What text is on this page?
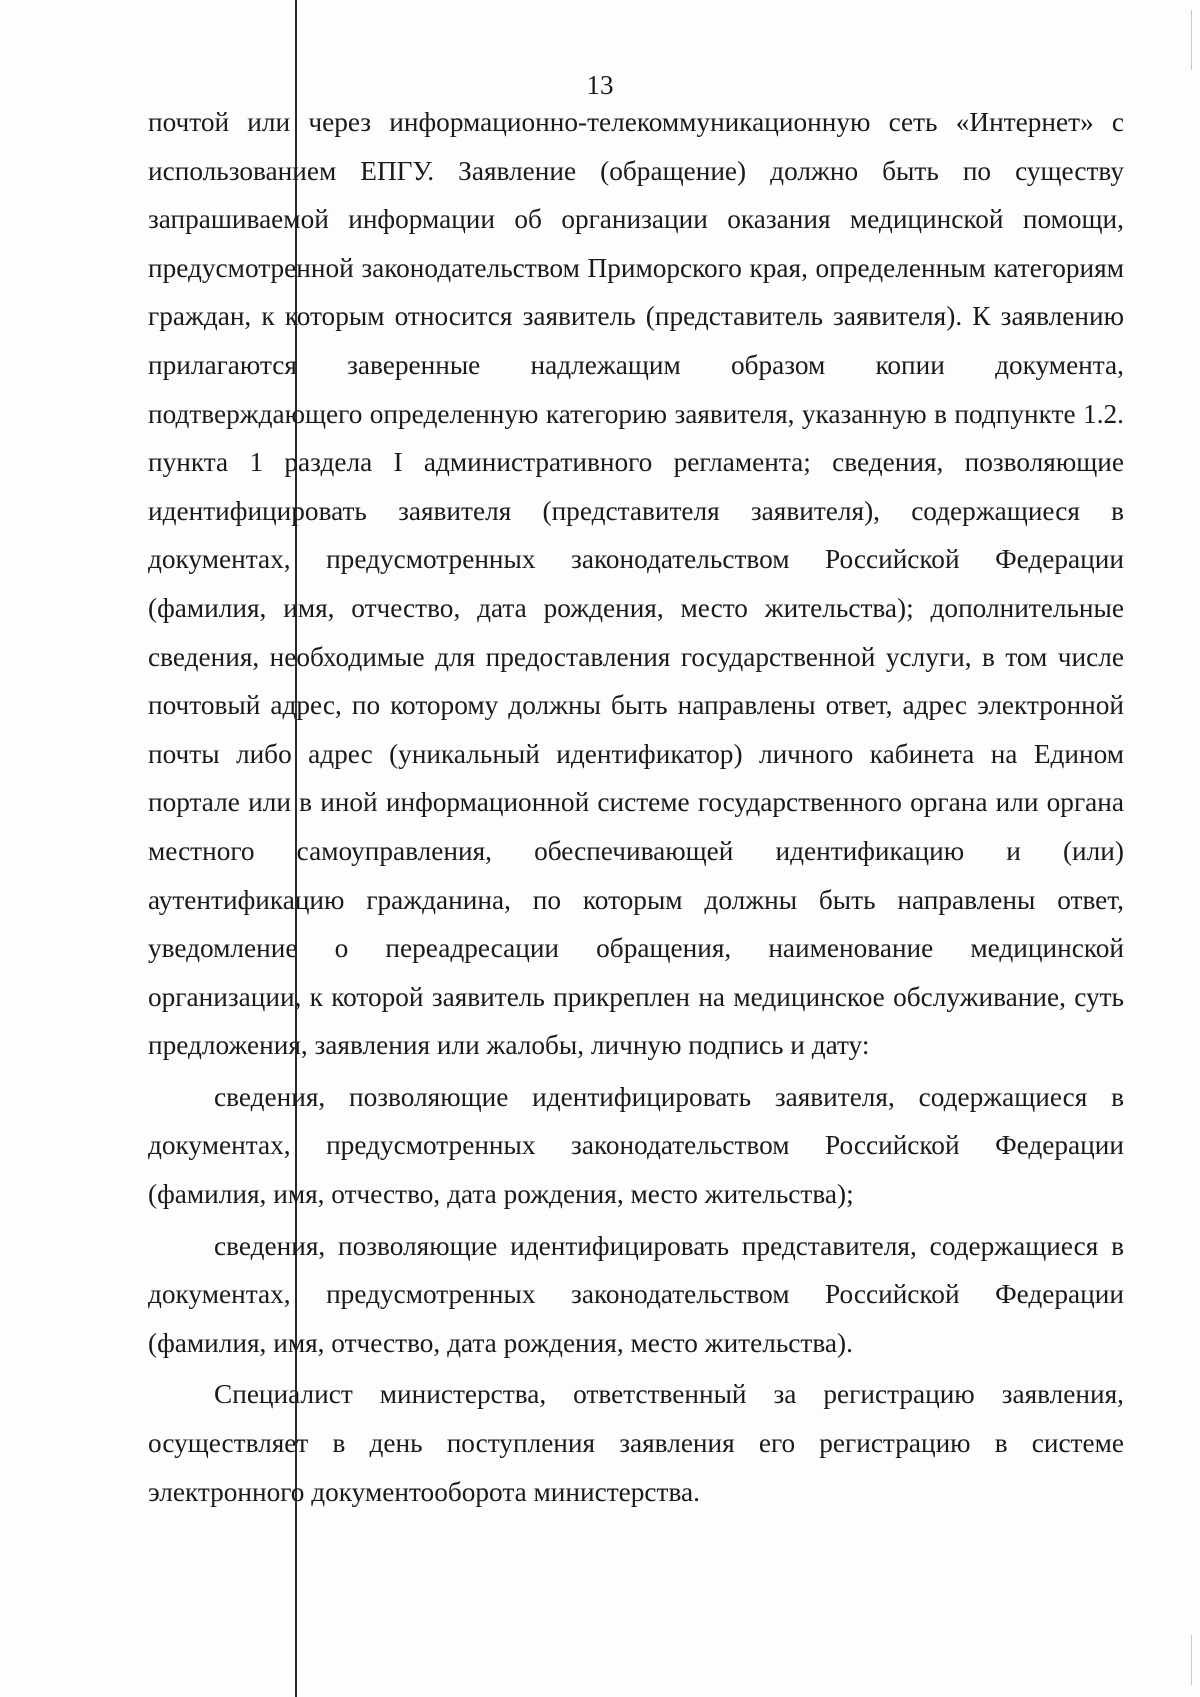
13

почтой или через информационно-телекоммуникационную сеть «Интернет» с использованием ЕПГУ. Заявление (обращение) должно быть по существу запрашиваемой информации об организации оказания медицинской помощи, предусмотренной законодательством Приморского края, определенным категориям граждан, к которым относится заявитель (представитель заявителя). К заявлению прилагаются заверенные надлежащим образом копии документа, подтверждающего определенную категорию заявителя, указанную в подпункте 1.2. пункта 1 раздела I административного регламента; сведения, позволяющие идентифицировать заявителя (представителя заявителя), содержащиеся в документах, предусмотренных законодательством Российской Федерации (фамилия, имя, отчество, дата рождения, место жительства); дополнительные сведения, необходимые для предоставления государственной услуги, в том числе почтовый адрес, по которому должны быть направлены ответ, адрес электронной почты либо адрес (уникальный идентификатор) личного кабинета на Едином портале или в иной информационной системе государственного органа или органа местного самоуправления, обеспечивающей идентификацию и (или) аутентификацию гражданина, по которым должны быть направлены ответ, уведомление о переадресации обращения, наименование медицинской организации, к которой заявитель прикреплен на медицинское обслуживание, суть предложения, заявления или жалобы, личную подпись и дату:

сведения, позволяющие идентифицировать заявителя, содержащиеся в документах, предусмотренных законодательством Российской Федерации (фамилия, имя, отчество, дата рождения, место жительства);

сведения, позволяющие идентифицировать представителя, содержащиеся в документах, предусмотренных законодательством Российской Федерации (фамилия, имя, отчество, дата рождения, место жительства).

Специалист министерства, ответственный за регистрацию заявления, осуществляет в день поступления заявления его регистрацию в системе электронного документооборота министерства.
